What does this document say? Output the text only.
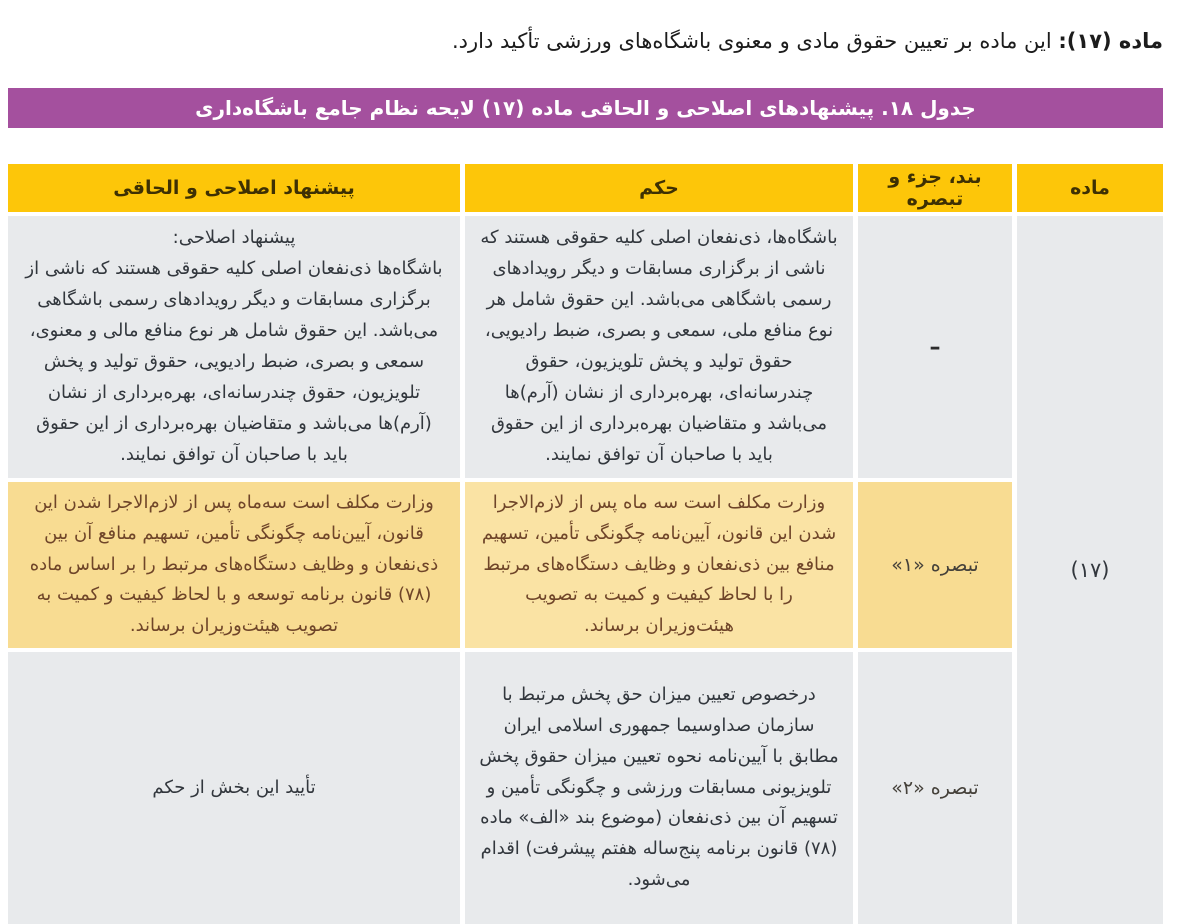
ماده (۱۷): این ماده بر تعیین حقوق مادی و معنوی باشگاه‌های ورزشی تأکید دارد.

جدول ۱۸. پیشنهادهای اصلاحی و الحاقی ماده (۱۷) لایحه نظام جامع باشگاه‌داری
ماده
بند، جزء و تبصره
حکم
پیشنهاد اصلاحی و الحاقی
(۱۷)
–
باشگاه‌ها، ذی‌نفعان اصلی کلیه حقوقی هستند که ناشی از برگزاری مسابقات و دیگر رویدادهای رسمی باشگاهی می‌باشد. این حقوق شامل هر نوع منافع ملی، سمعی و بصری، ضبط رادیویی، حقوق تولید و پخش تلویزیون، حقوق چندرسانه‌ای، بهره‌برداری از نشان (آرم)ها می‌باشد و متقاضیان بهره‌برداری از این حقوق باید با صاحبان آن توافق نمایند.
پیشنهاد اصلاحی:
باشگاه‌ها ذی‌نفعان اصلی کلیه حقوقی هستند که ناشی از برگزاری مسابقات و دیگر رویدادهای رسمی باشگاهی می‌باشد. این حقوق شامل هر نوع منافع مالی و معنوی، سمعی و بصری، ضبط رادیویی، حقوق تولید و پخش تلویزیون، حقوق چندرسانه‌ای، بهره‌برداری از نشان (آرم)ها می‌باشد و متقاضیان بهره‌برداری از این حقوق باید با صاحبان آن توافق نمایند.
تبصره «۱»
وزارت مکلف است سه ماه پس از لازم‌الاجرا شدن این قانون، آیین‌نامه چگونگی تأمین، تسهیم منافع بین ذی‌نفعان و وظایف دستگاه‌های مرتبط را با لحاظ کیفیت و کمیت به تصویب هیئت‌وزیران برساند.
وزارت مکلف است سه‌ماه پس از لازم‌الاجرا شدن این قانون، آیین‌نامه چگونگی تأمین، تسهیم منافع آن بین ذی‌نفعان و وظایف دستگاه‌های مرتبط را بر اساس ماده (۷۸) قانون برنامه توسعه و با لحاظ کیفیت و کمیت به تصویب هیئت‌وزیران برساند.
تبصره «۲»
درخصوص تعیین میزان حق پخش مرتبط با سازمان صداوسیما جمهوری اسلامی ایران مطابق با آیین‌نامه نحوه تعیین میزان حقوق پخش تلویزیونی مسابقات ورزشی و چگونگی تأمین و تسهیم آن بین ذی‌نفعان (موضوع بند «الف» ماده (۷۸) قانون برنامه پنج‌ساله هفتم پیشرفت) اقدام می‌شود.
تأیید این بخش از حکم
